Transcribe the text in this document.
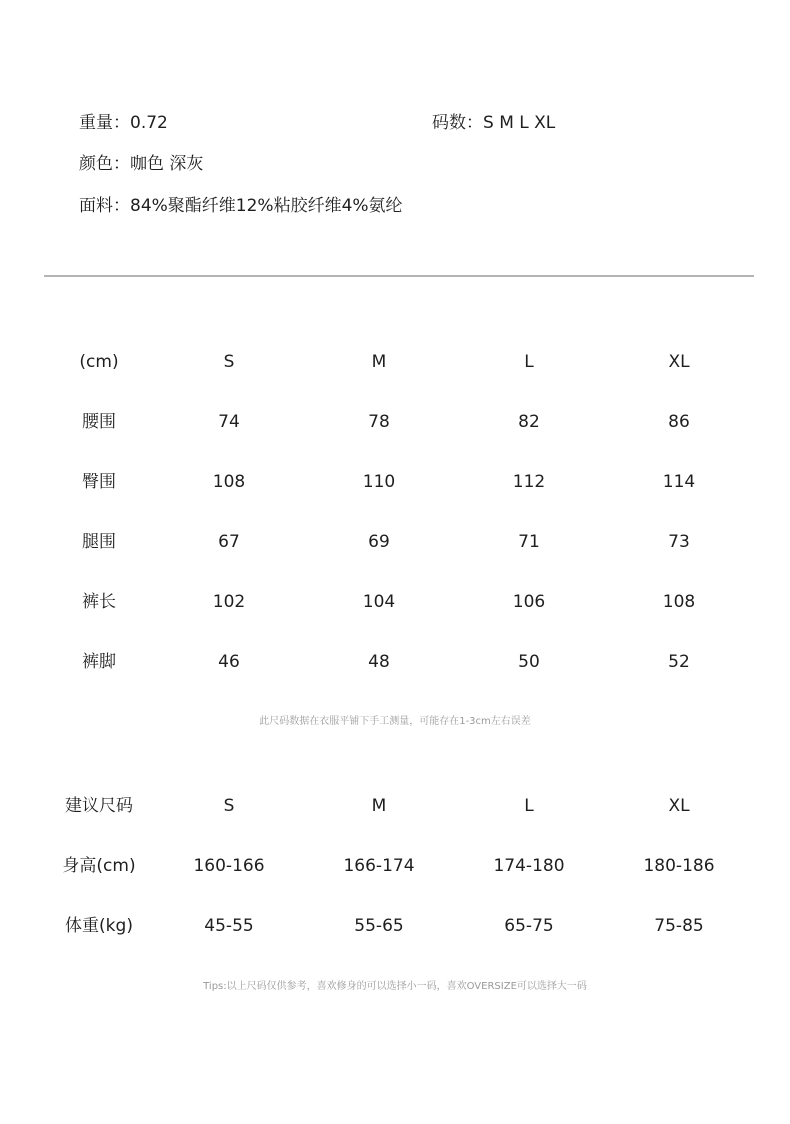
重量：0.72	码数：S M L XL
颜色：咖色 深灰
面料：84%聚酯纤维12%粘胶纤维4%氨纶
(cm)	S	M	L	XL
腰围	74	78	82	86
臀围	108	110	112	114
腿围	67	69	71	73
裤长	102	104	106	108
裤脚	46	48	50	52
此尺码数据在衣服平铺下手工测量，可能存在1-3cm左右误差
建议尺码	S	M	L	XL
身高(cm)	160-166	166-174	174-180	180-186
体重(kg)	45-55	55-65	65-75	75-85
Tips:以上尺码仅供参考，喜欢修身的可以选择小一码，喜欢OVERSIZE可以选择大一码
